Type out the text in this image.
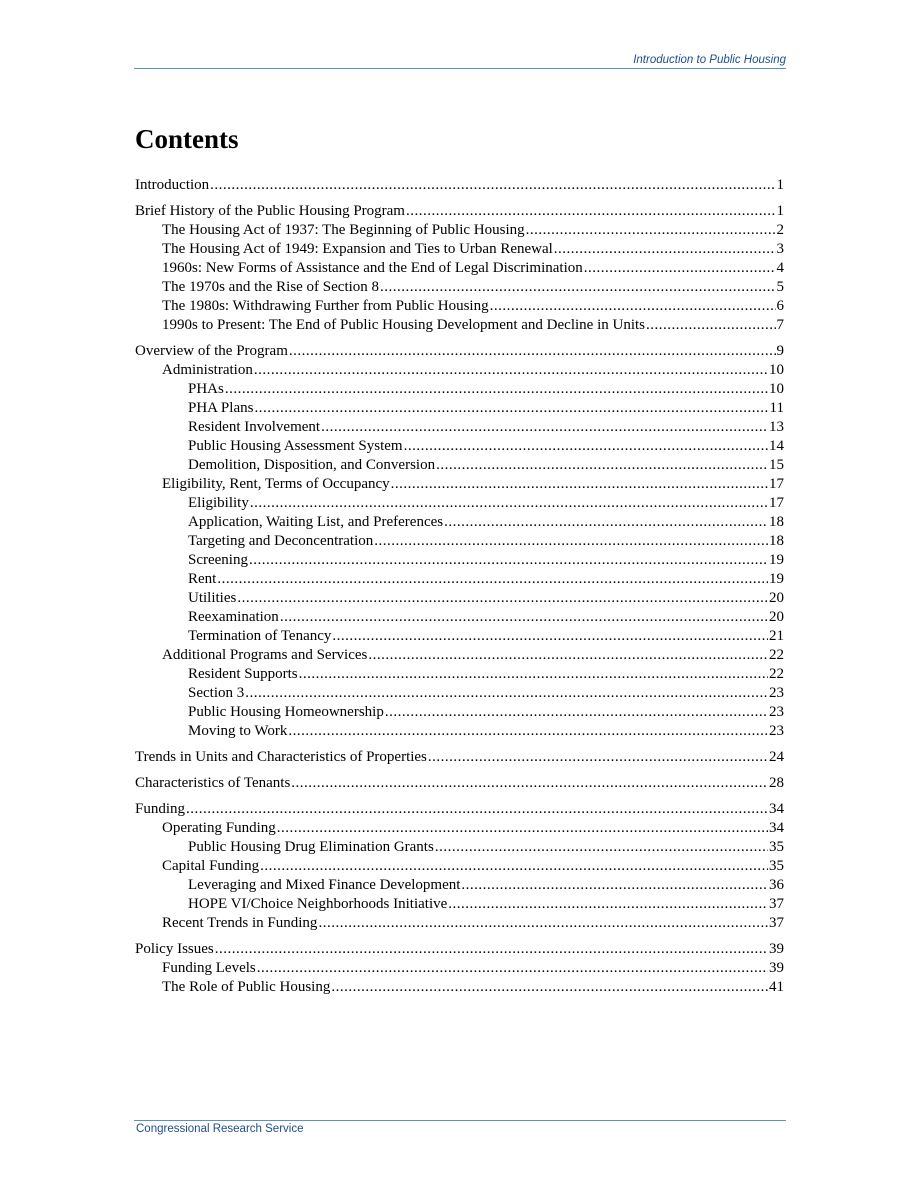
Introduction to Public Housing
Contents
Introduction .....	1
Brief History of the Public Housing Program .....	1
The Housing Act of 1937: The Beginning of Public Housing .....	2
The Housing Act of 1949: Expansion and Ties to Urban Renewal .....	3
1960s: New Forms of Assistance and the End of Legal Discrimination .....	4
The 1970s and the Rise of Section 8 .....	5
The 1980s: Withdrawing Further from Public Housing .....	6
1990s to Present: The End of Public Housing Development and Decline in Units .....	7
Overview of the Program .....	9
Administration .....	10
PHAs .....	10
PHA Plans .....	11
Resident Involvement .....	13
Public Housing Assessment System .....	14
Demolition, Disposition, and Conversion .....	15
Eligibility, Rent, Terms of Occupancy .....	17
Eligibility .....	17
Application, Waiting List, and Preferences .....	18
Targeting and Deconcentration .....	18
Screening .....	19
Rent .....	19
Utilities .....	20
Reexamination .....	20
Termination of Tenancy .....	21
Additional Programs and Services .....	22
Resident Supports .....	22
Section 3 .....	23
Public Housing Homeownership .....	23
Moving to Work .....	23
Trends in Units and Characteristics of Properties .....	24
Characteristics of Tenants .....	28
Funding .....	34
Operating Funding .....	34
Public Housing Drug Elimination Grants .....	35
Capital Funding .....	35
Leveraging and Mixed Finance Development .....	36
HOPE VI/Choice Neighborhoods Initiative .....	37
Recent Trends in Funding .....	37
Policy Issues .....	39
Funding Levels .....	39
The Role of Public Housing .....	41
Congressional Research Service
